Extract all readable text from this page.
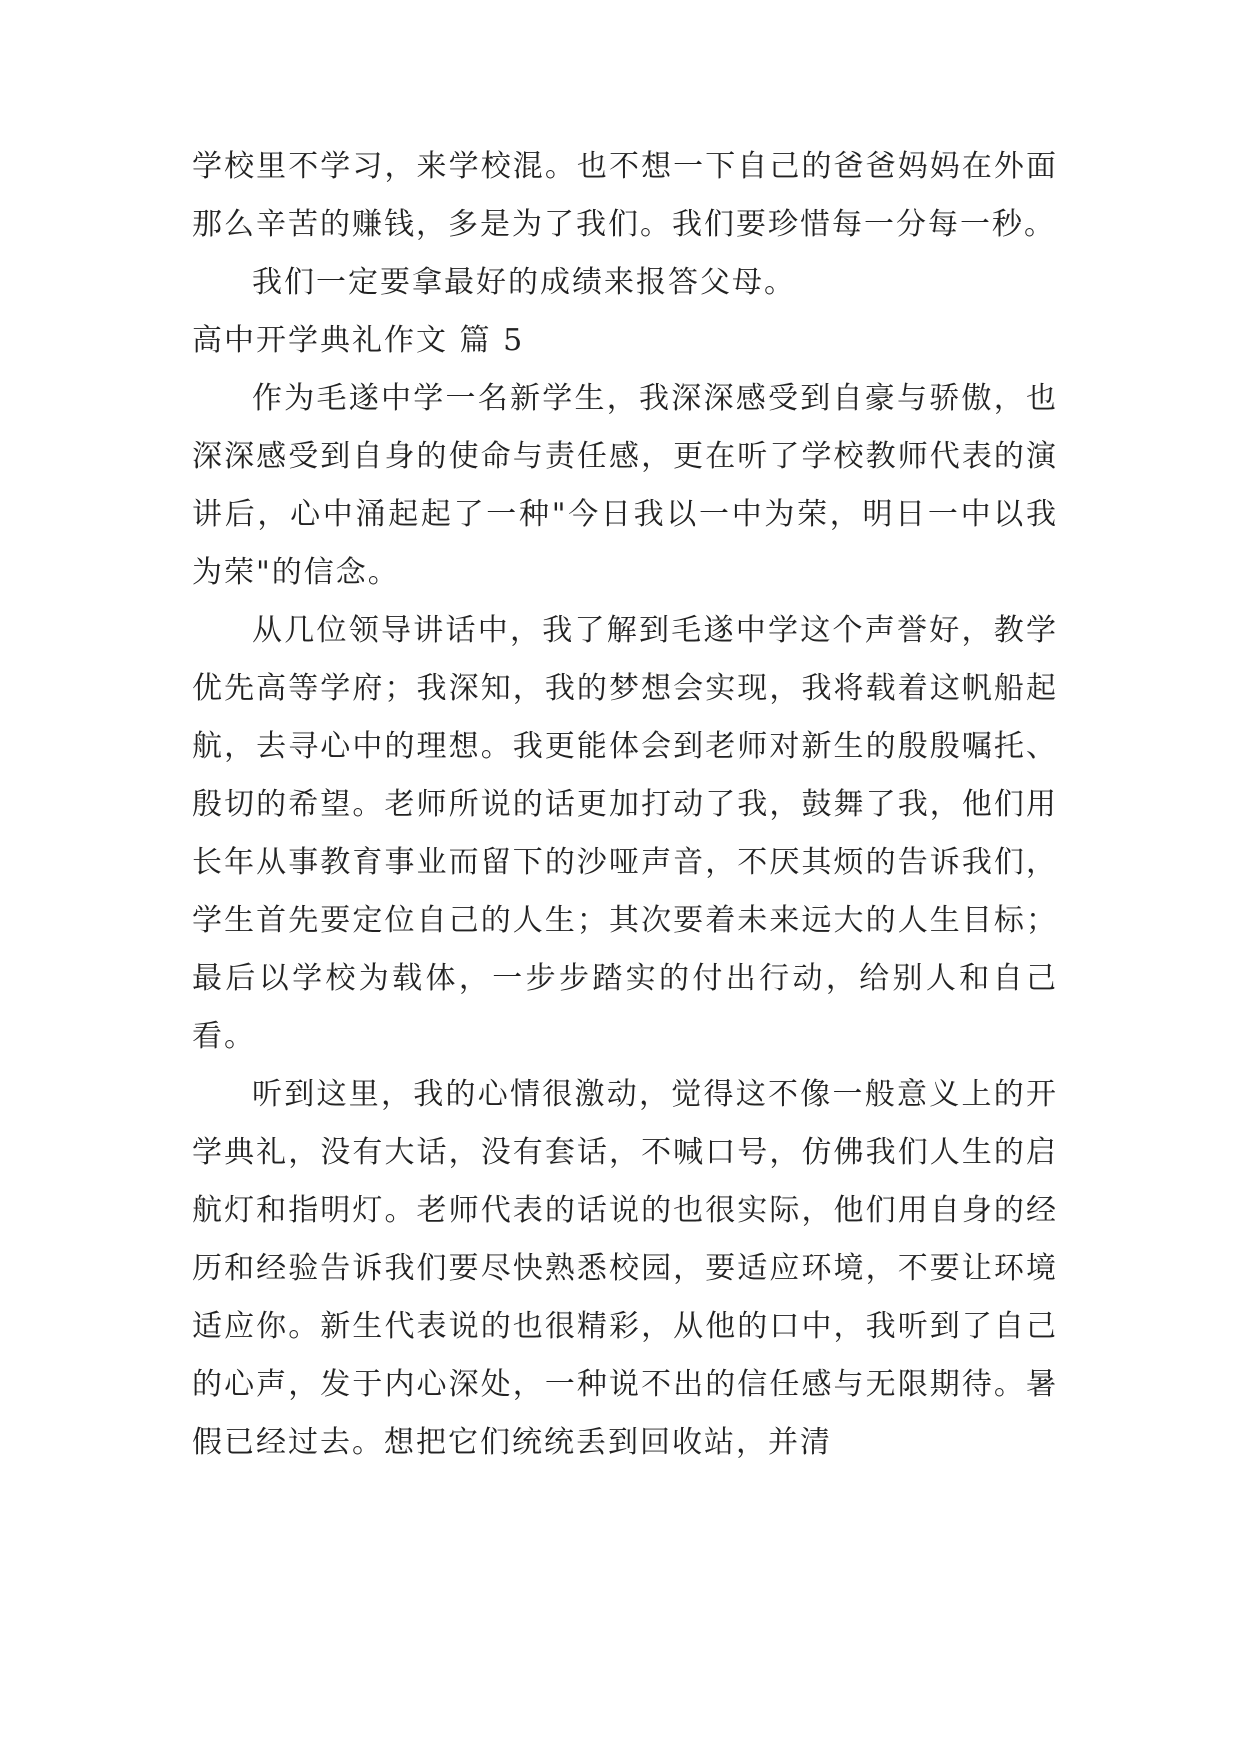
学校里不学习，来学校混。也不想一下自己的爸爸妈妈在外面那么辛苦的赚钱，多是为了我们。我们要珍惜每一分每一秒。

我们一定要拿最好的成绩来报答父母。

高中开学典礼作文 篇 5

作为毛遂中学一名新学生，我深深感受到自豪与骄傲，也深深感受到自身的使命与责任感，更在听了学校教师代表的演讲后，心中涌起起了一种"今日我以一中为荣，明日一中以我为荣"的信念。

从几位领导讲话中，我了解到毛遂中学这个声誉好，教学优先高等学府；我深知，我的梦想会实现，我将载着这帆船起航，去寻心中的理想。我更能体会到老师对新生的殷殷嘱托、殷切的希望。老师所说的话更加打动了我，鼓舞了我，他们用长年从事教育事业而留下的沙哑声音，不厌其烦的告诉我们，学生首先要定位自己的人生；其次要着未来远大的人生目标；最后以学校为载体，一步步踏实的付出行动，给别人和自己看。

听到这里，我的心情很激动，觉得这不像一般意义上的开学典礼，没有大话，没有套话，不喊口号，仿佛我们人生的启航灯和指明灯。老师代表的话说的也很实际，他们用自身的经历和经验告诉我们要尽快熟悉校园，要适应环境，不要让环境适应你。新生代表说的也很精彩，从他的口中，我听到了自己的心声，发于内心深处，一种说不出的信任感与无限期待。暑假已经过去。想把它们统统丢到回收站，并清
